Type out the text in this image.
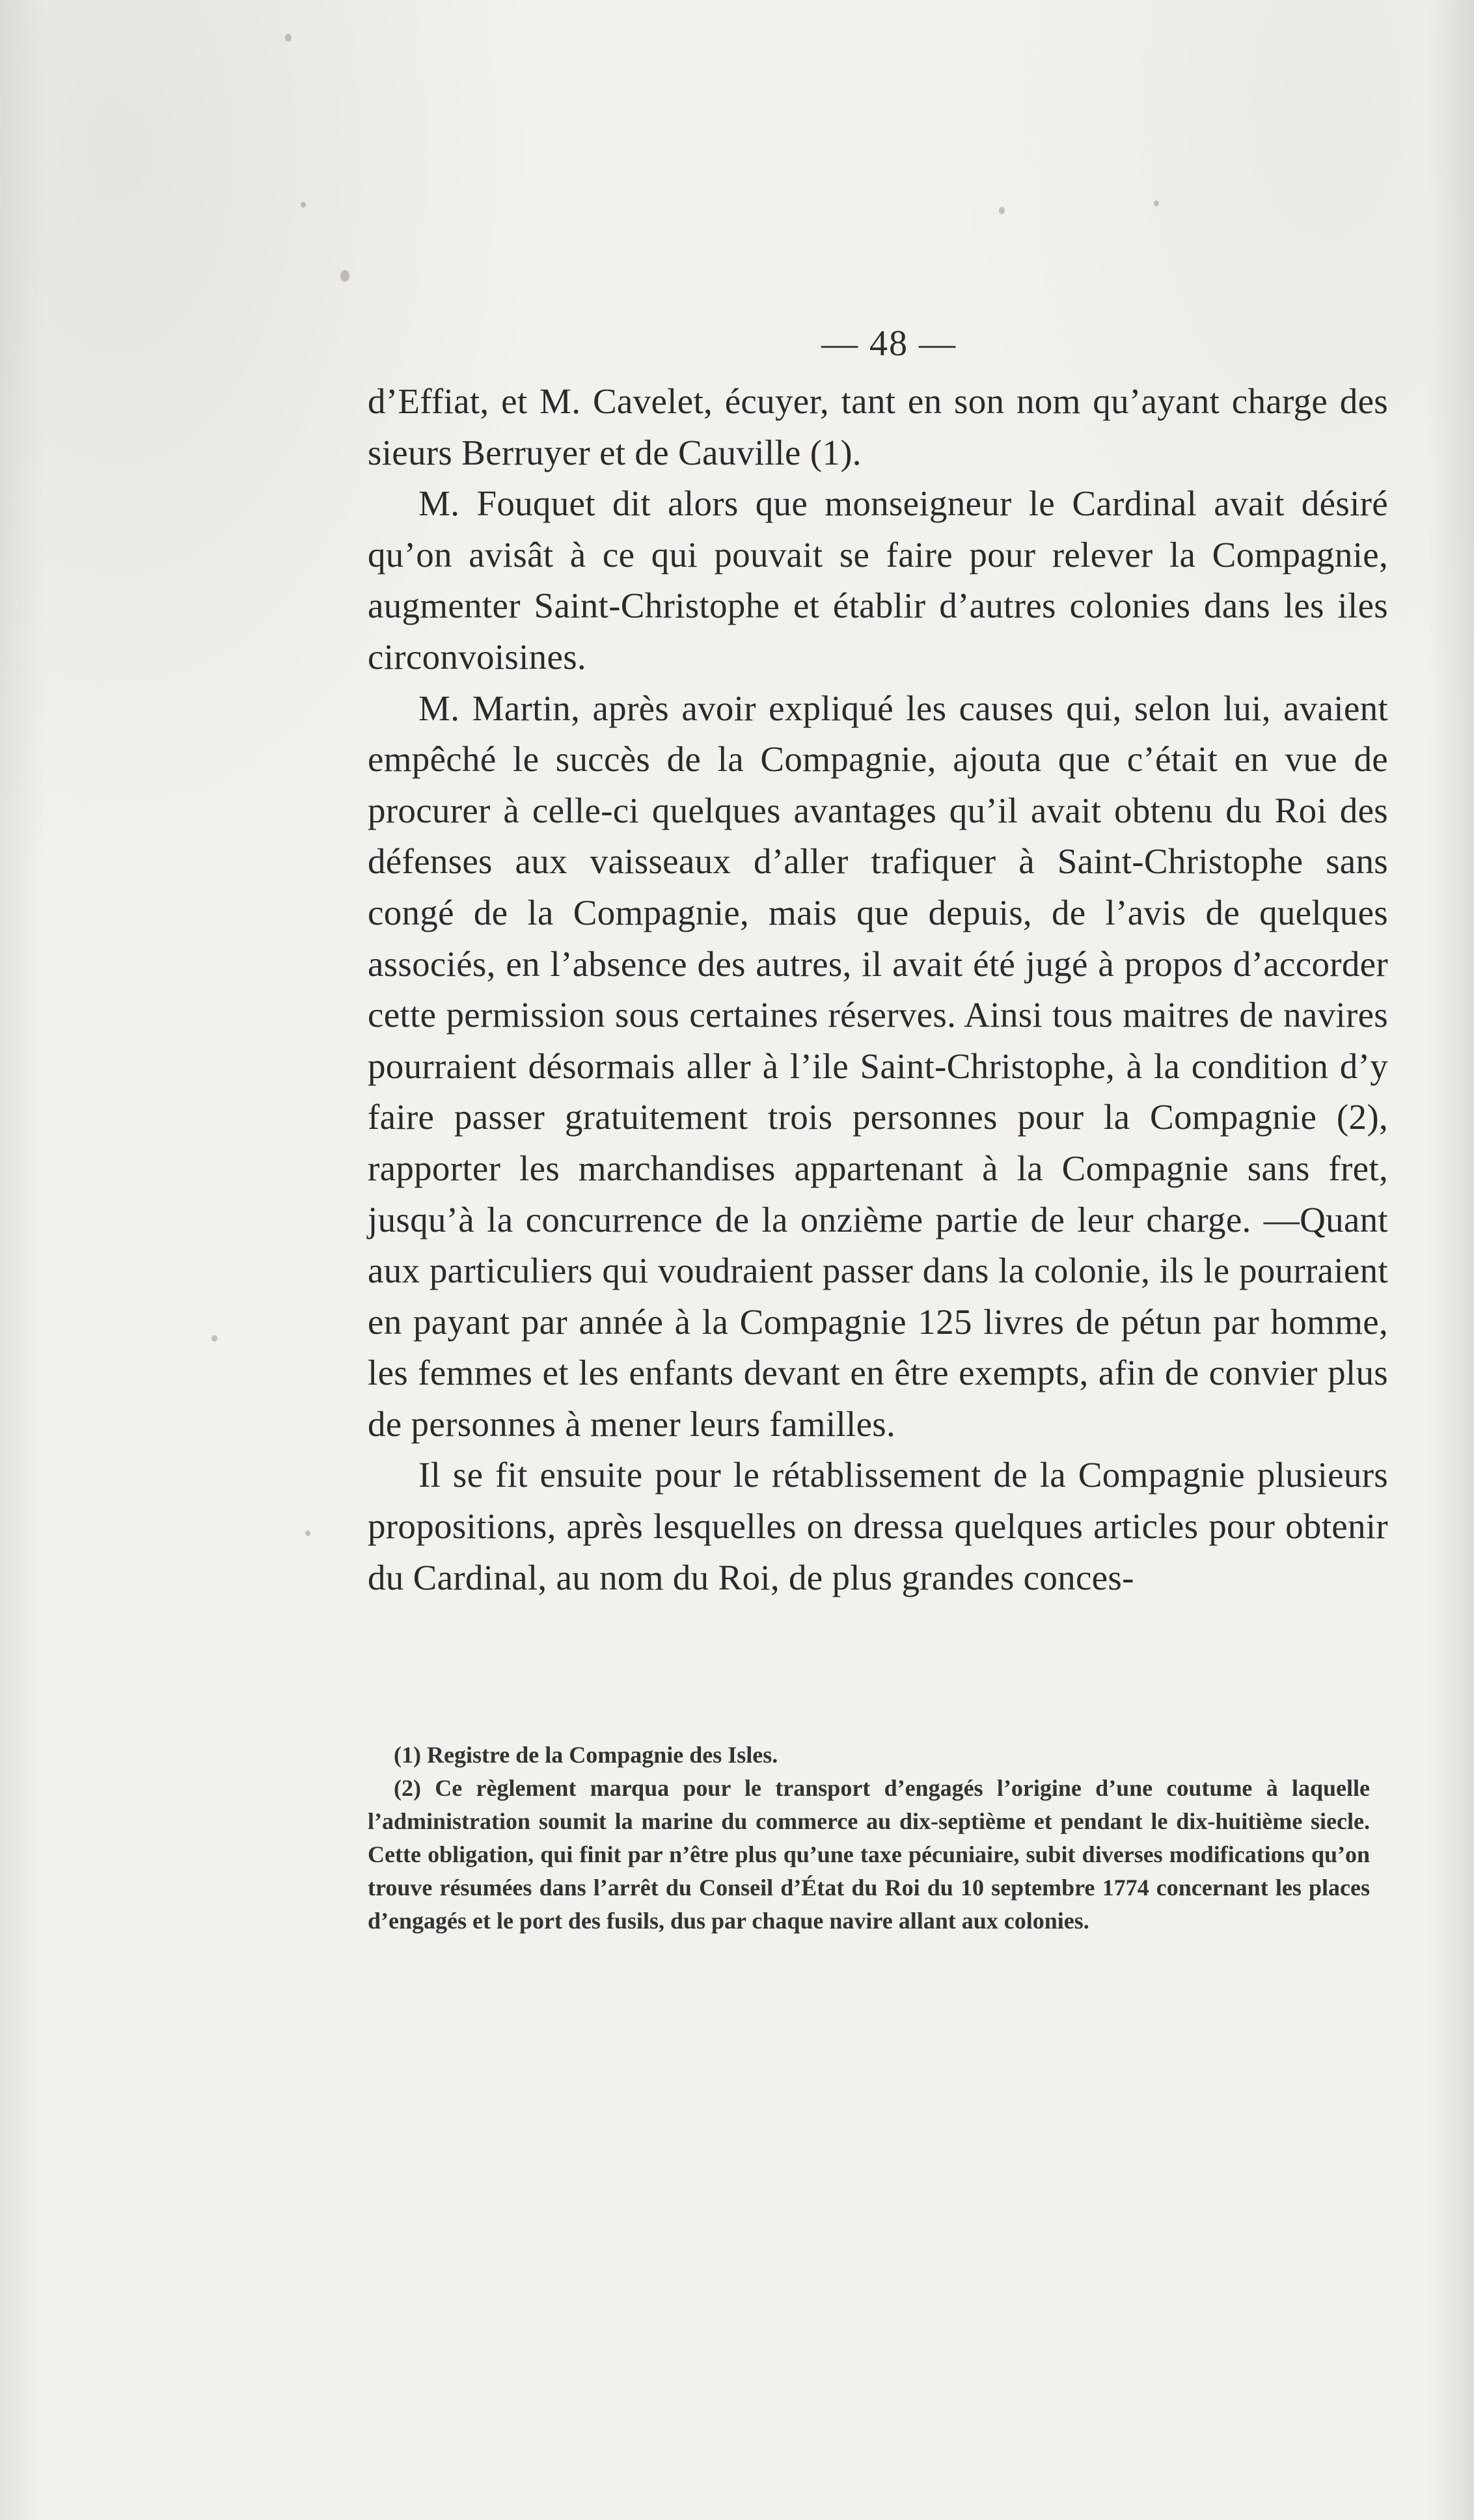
— 48 —

d’Effiat, et M. Cavelet, écuyer, tant en son nom qu’ayant charge des sieurs Berruyer et de Cauville (1).

M. Fouquet dit alors que monseigneur le Cardinal avait désiré qu’on avisât à ce qui pouvait se faire pour relever la Compagnie, augmenter Saint-Christophe et établir d’autres colonies dans les iles circonvoisines.

M. Martin, après avoir expliqué les causes qui, selon lui, avaient empêché le succès de la Compagnie, ajouta que c’était en vue de procurer à celle-ci quelques avantages qu’il avait obtenu du Roi des défenses aux vaisseaux d’aller trafiquer à Saint-Christophe sans congé de la Compagnie, mais que depuis, de l’avis de quelques associés, en l’absence des autres, il avait été jugé à propos d’accorder cette permission sous certaines réserves. Ainsi tous maitres de navires pourraient désormais aller à l’ile Saint-Christophe, à la condition d’y faire passer gratuitement trois personnes pour la Compagnie (2), rapporter les marchandises appartenant à la Compagnie sans fret, jusqu’à la concurrence de la onzième partie de leur charge. —Quant aux particuliers qui voudraient passer dans la colonie, ils le pourraient en payant par année à la Compagnie 125 livres de pétun par homme, les femmes et les enfants devant en être exempts, afin de convier plus de personnes à mener leurs familles.

Il se fit ensuite pour le rétablissement de la Compagnie plusieurs propositions, après lesquelles on dressa quelques articles pour obtenir du Cardinal, au nom du Roi, de plus grandes conces-

(1) Registre de la Compagnie des Isles.

(2) Ce règlement marqua pour le transport d’engagés l’origine d’une coutume à laquelle l’administration soumit la marine du commerce au dix-septième et pendant le dix-huitième siecle. Cette obligation, qui finit par n’être plus qu’une taxe pécuniaire, subit diverses modifications qu’on trouve résumées dans l’arrêt du Conseil d’État du Roi du 10 septembre 1774 concernant les places d’engagés et le port des fusils, dus par chaque navire allant aux colonies.
